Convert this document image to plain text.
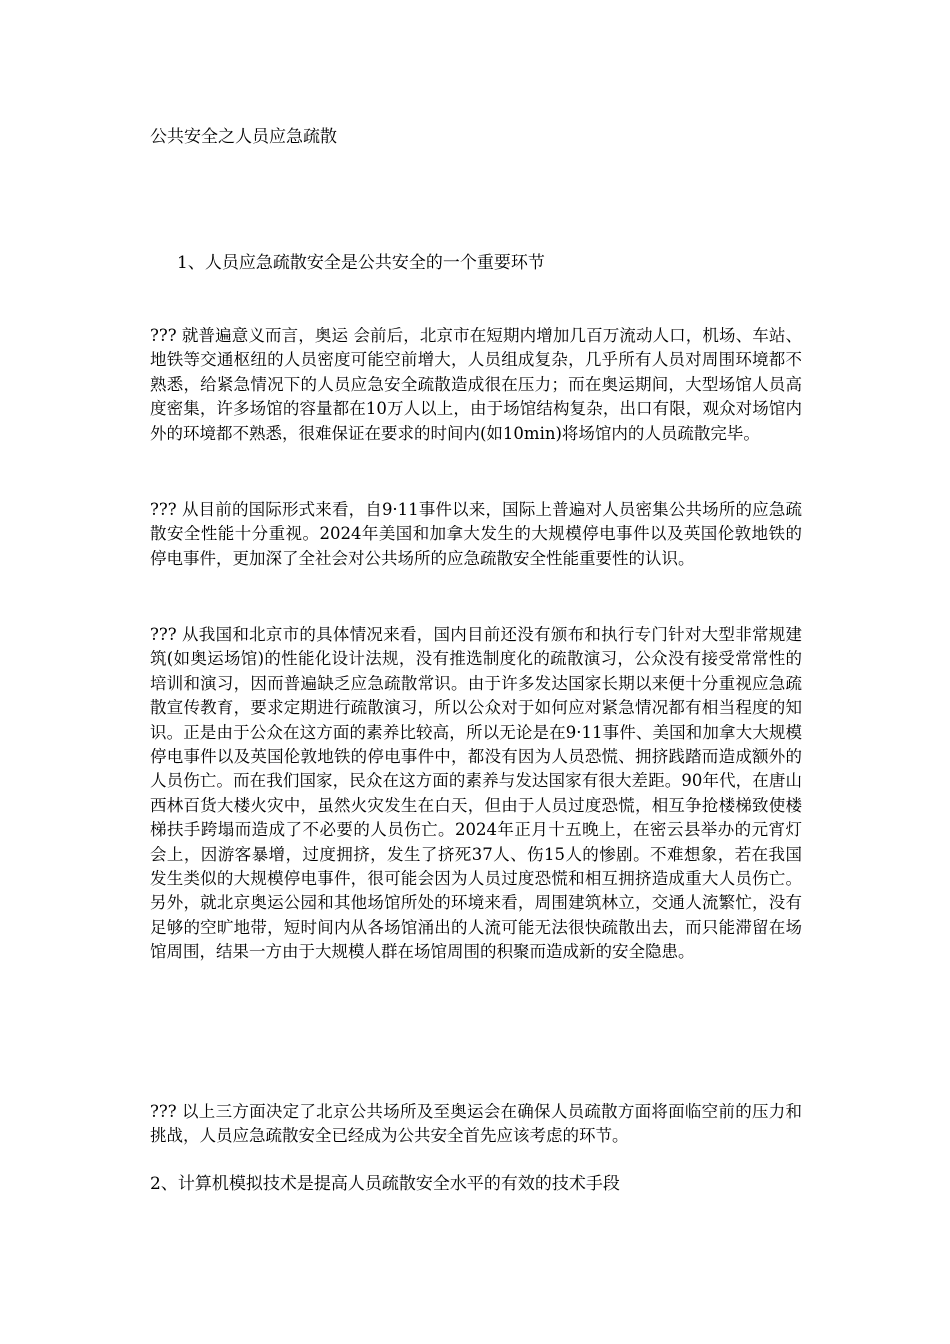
公共安全之人员应急疏散
1、人员应急疏散安全是公共安全的一个重要环节
??? 就普遍意义而言，奥运 会前后，北京市在短期内增加几百万流动人口，机场、车站、地铁等交通枢纽的人员密度可能空前增大，人员组成复杂，几乎所有人员对周围环境都不熟悉，给紧急情况下的人员应急安全疏散造成很在压力；而在奥运期间，大型场馆人员高度密集，许多场馆的容量都在10万人以上，由于场馆结构复杂，出口有限，观众对场馆内外的环境都不熟悉，很难保证在要求的时间内(如10min)将场馆内的人员疏散完毕。
??? 从目前的国际形式来看，自9·11事件以来，国际上普遍对人员密集公共场所的应急疏散安全性能十分重视。2024年美国和加拿大发生的大规模停电事件以及英国伦敦地铁的停电事件，更加深了全社会对公共场所的应急疏散安全性能重要性的认识。
??? 从我国和北京市的具体情况来看，国内目前还没有颁布和执行专门针对大型非常规建筑(如奥运场馆)的性能化设计法规，没有推选制度化的疏散演习，公众没有接受常常性的培训和演习，因而普遍缺乏应急疏散常识。由于许多发达国家长期以来便十分重视应急疏散宣传教育，要求定期进行疏散演习，所以公众对于如何应对紧急情况都有相当程度的知识。正是由于公众在这方面的素养比较高，所以无论是在9·11事件、美国和加拿大大规模停电事件以及英国伦敦地铁的停电事件中，都没有因为人员恐慌、拥挤践踏而造成额外的人员伤亡。而在我们国家，民众在这方面的素养与发达国家有很大差距。90年代，在唐山西林百货大楼火灾中，虽然火灾发生在白天，但由于人员过度恐慌，相互争抢楼梯致使楼梯扶手跨塌而造成了不必要的人员伤亡。2024年正月十五晚上，在密云县举办的元宵灯会上，因游客暴增，过度拥挤，发生了挤死37人、伤15人的惨剧。不难想象，若在我国发生类似的大规模停电事件，很可能会因为人员过度恐慌和相互拥挤造成重大人员伤亡。另外，就北京奥运公园和其他场馆所处的环境来看，周围建筑林立，交通人流繁忙，没有足够的空旷地带，短时间内从各场馆涌出的人流可能无法很快疏散出去，而只能滞留在场馆周围，结果一方由于大规模人群在场馆周围的积聚而造成新的安全隐患。
??? 以上三方面决定了北京公共场所及至奥运会在确保人员疏散方面将面临空前的压力和挑战，人员应急疏散安全已经成为公共安全首先应该考虑的环节。
2、计算机模拟技术是提高人员疏散安全水平的有效的技术手段
